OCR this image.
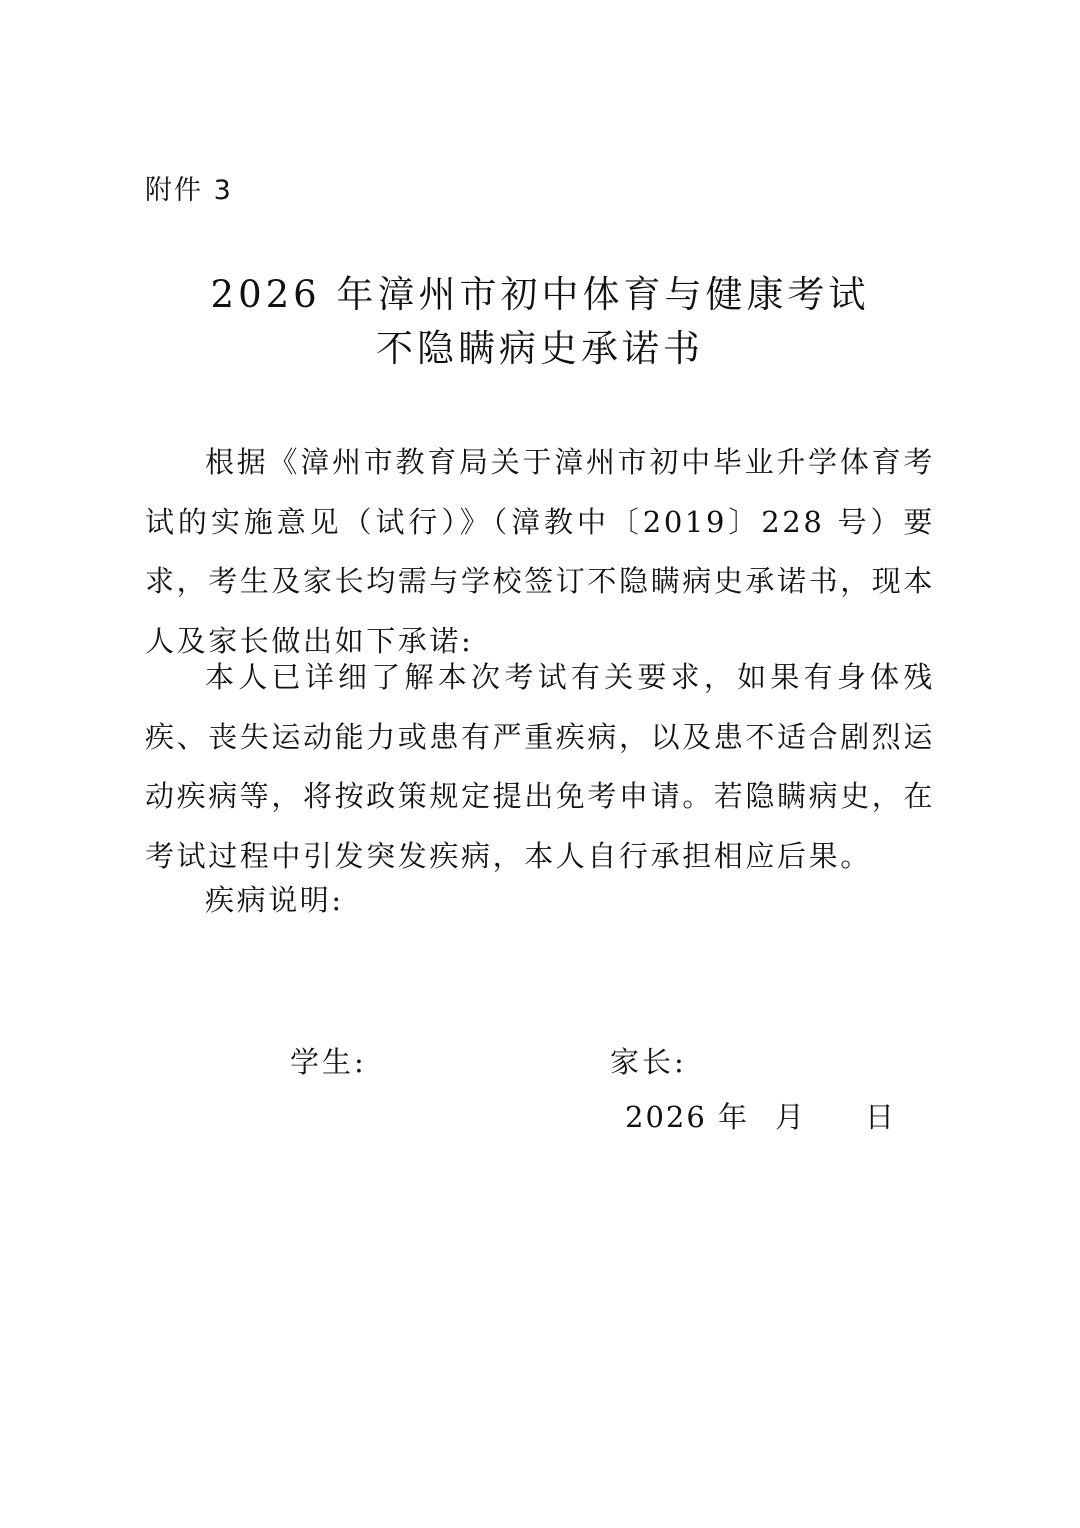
附件 3
2026 年漳州市初中体育与健康考试
不隐瞒病史承诺书

根据《漳州市教育局关于漳州市初中毕业升学体育考试的实施意见（试行）》（漳教中〔2019〕228 号）要求，考生及家长均需与学校签订不隐瞒病史承诺书，现本人及家长做出如下承诺:

本人已详细了解本次考试有关要求，如果有身体残疾、丧失运动能力或患有严重疾病，以及患不适合剧烈运动疾病等，将按政策规定提出免考申请。若隐瞒病史，在考试过程中引发突发疾病，本人自行承担相应后果。

疾病说明:

学生:	家长:
2026 年 月 日
